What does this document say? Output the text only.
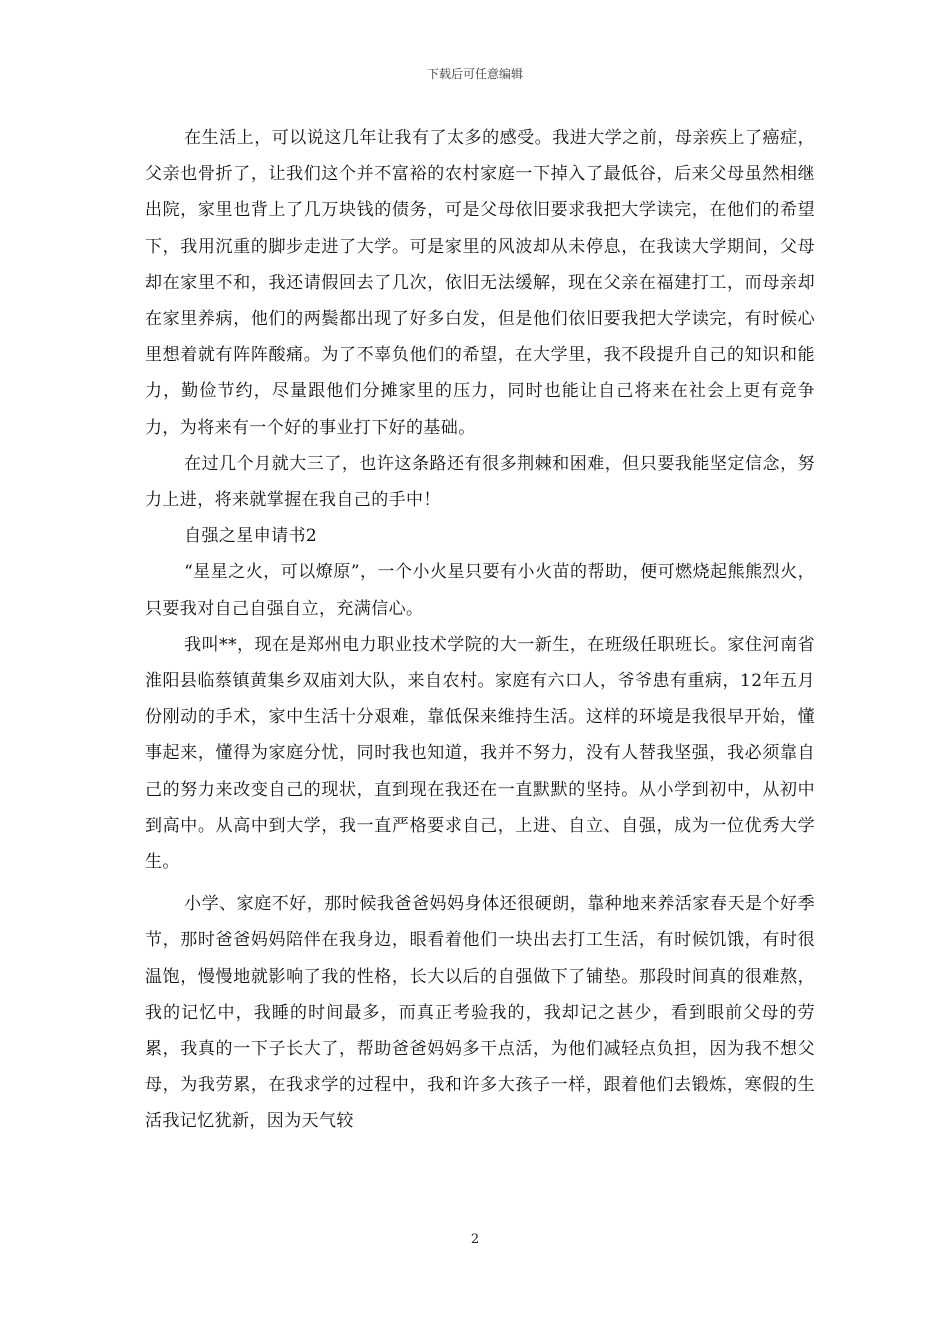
下载后可任意编辑

在生活上，可以说这几年让我有了太多的感受。我进大学之前，母亲疾上了癌症，父亲也骨折了，让我们这个并不富裕的农村家庭一下掉入了最低谷，后来父母虽然相继出院，家里也背上了几万块钱的债务，可是父母依旧要求我把大学读完，在他们的希望下，我用沉重的脚步走进了大学。可是家里的风波却从未停息，在我读大学期间，父母却在家里不和，我还请假回去了几次，依旧无法缓解，现在父亲在福建打工，而母亲却在家里养病，他们的两鬓都出现了好多白发，但是他们依旧要我把大学读完，有时候心里想着就有阵阵酸痛。为了不辜负他们的希望，在大学里，我不段提升自己的知识和能力，勤俭节约，尽量跟他们分摊家里的压力，同时也能让自己将来在社会上更有竞争力，为将来有一个好的事业打下好的基础。

在过几个月就大三了，也许这条路还有很多荆棘和困难，但只要我能坚定信念，努力上进，将来就掌握在我自己的手中！

自强之星申请书2

“星星之火，可以燎原”，一个小火星只要有小火苗的帮助，便可燃烧起熊熊烈火，只要我对自己自强自立，充满信心。

我叫**，现在是郑州电力职业技术学院的大一新生，在班级任职班长。家住河南省淮阳县临蔡镇黄集乡双庙刘大队，来自农村。家庭有六口人，爷爷患有重病，12年五月份刚动的手术，家中生活十分艰难，靠低保来维持生活。这样的环境是我很早开始，懂事起来，懂得为家庭分忧，同时我也知道，我并不努力，没有人替我坚强，我必须靠自己的努力来改变自己的现状，直到现在我还在一直默默的坚持。从小学到初中，从初中到高中。从高中到大学，我一直严格要求自己，上进、自立、自强，成为一位优秀大学生。

小学、家庭不好，那时候我爸爸妈妈身体还很硬朗，靠种地来养活家春天是个好季节，那时爸爸妈妈陪伴在我身边，眼看着他们一块出去打工生活，有时候饥饿，有时很温饱，慢慢地就影响了我的性格，长大以后的自强做下了铺垫。那段时间真的很难熬，我的记忆中，我睡的时间最多，而真正考验我的，我却记之甚少，看到眼前父母的劳累，我真的一下子长大了，帮助爸爸妈妈多干点活，为他们减轻点负担，因为我不想父母，为我劳累，在我求学的过程中，我和许多大孩子一样，跟着他们去锻炼，寒假的生活我记忆犹新，因为天气较

2
